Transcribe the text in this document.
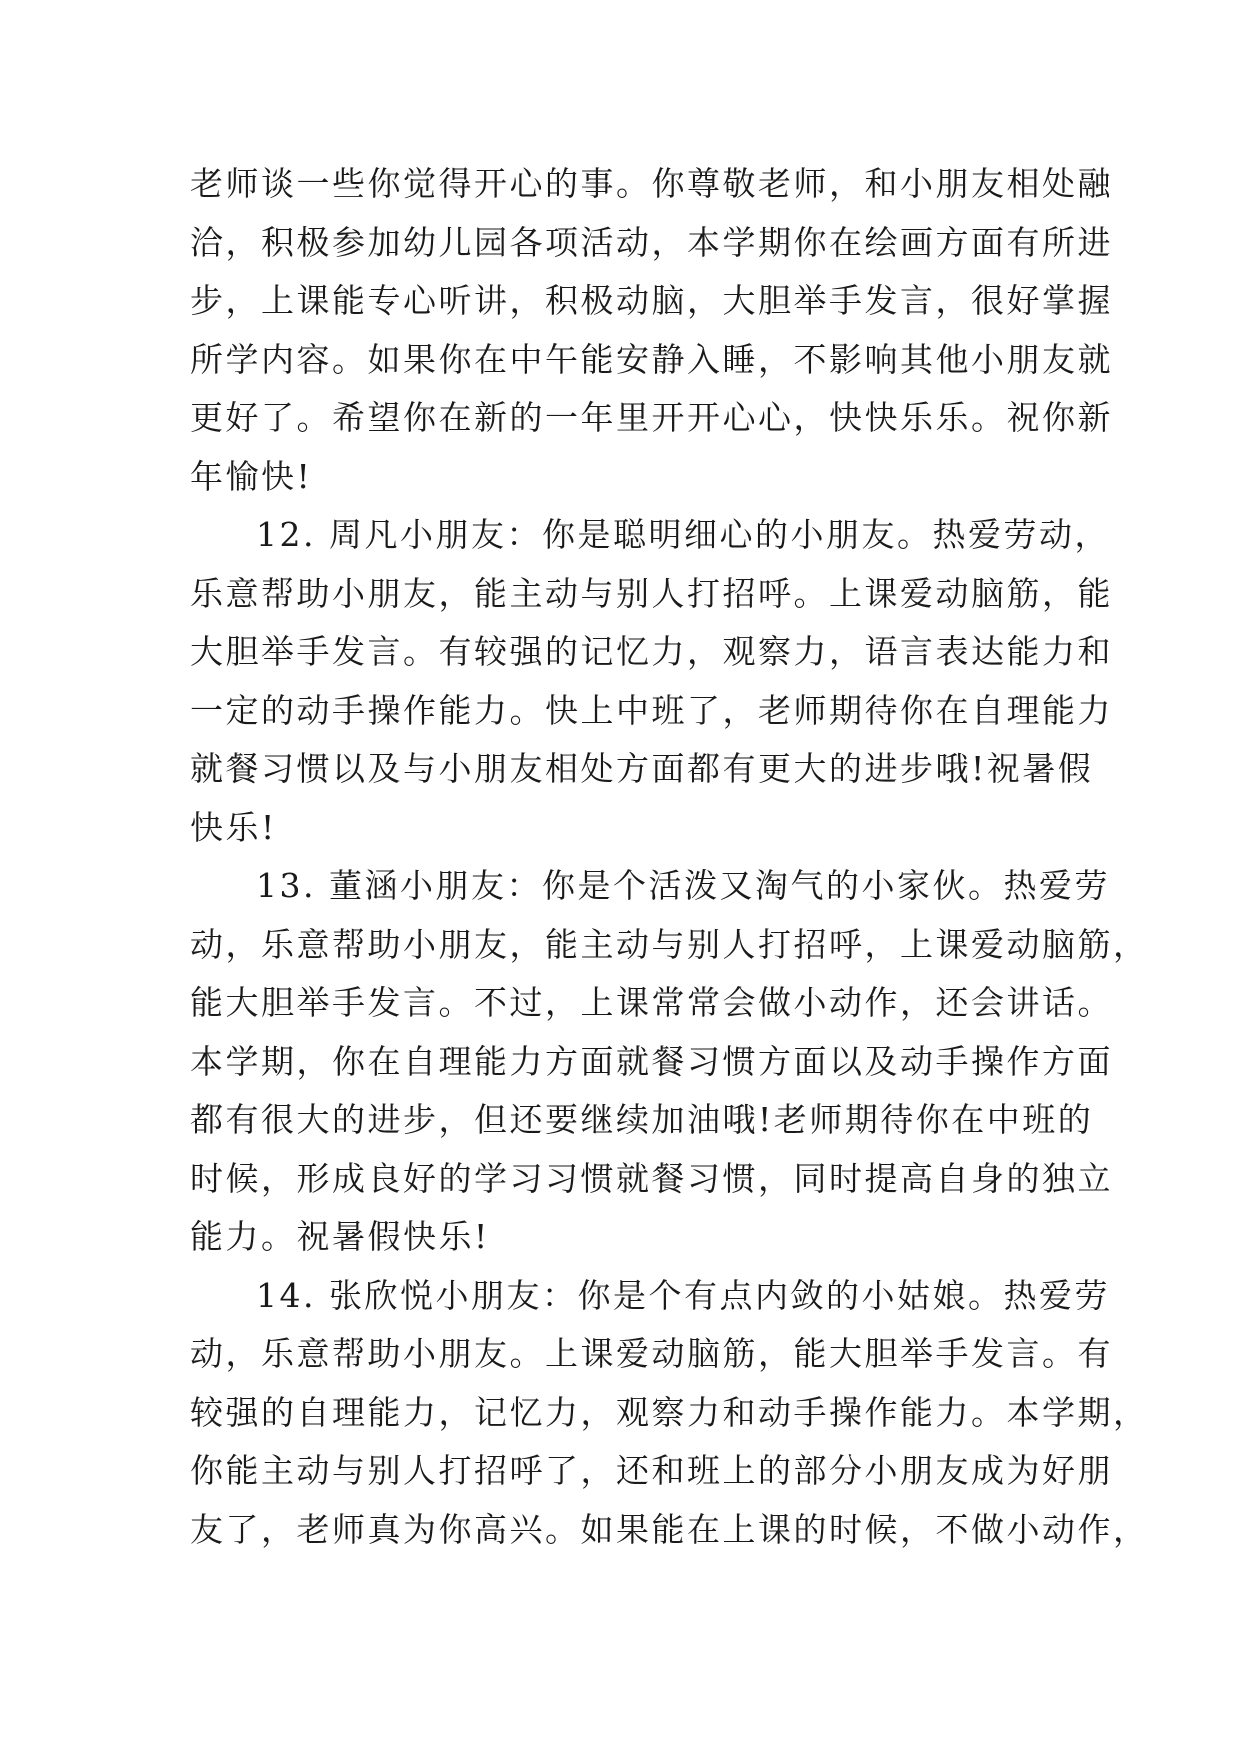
老师谈一些你觉得开心的事。你尊敬老师，和小朋友相处融
洽，积极参加幼儿园各项活动，本学期你在绘画方面有所进
步，上课能专心听讲，积极动脑，大胆举手发言，很好掌握
所学内容。如果你在中午能安静入睡，不影响其他小朋友就
更好了。希望你在新的一年里开开心心，快快乐乐。祝你新
年愉快!

12. 周凡小朋友：你是聪明细心的小朋友。热爱劳动，
乐意帮助小朋友，能主动与别人打招呼。上课爱动脑筋，能
大胆举手发言。有较强的记忆力，观察力，语言表达能力和
一定的动手操作能力。快上中班了，老师期待你在自理能力
就餐习惯以及与小朋友相处方面都有更大的进步哦!祝暑假
快乐!

13. 董涵小朋友：你是个活泼又淘气的小家伙。热爱劳
动，乐意帮助小朋友，能主动与别人打招呼，上课爱动脑筋，
能大胆举手发言。不过，上课常常会做小动作，还会讲话。
本学期，你在自理能力方面就餐习惯方面以及动手操作方面
都有很大的进步，但还要继续加油哦!老师期待你在中班的
时候，形成良好的学习习惯就餐习惯，同时提高自身的独立
能力。祝暑假快乐!

14. 张欣悦小朋友：你是个有点内敛的小姑娘。热爱劳
动，乐意帮助小朋友。上课爱动脑筋，能大胆举手发言。有
较强的自理能力，记忆力，观察力和动手操作能力。本学期，
你能主动与别人打招呼了，还和班上的部分小朋友成为好朋
友了，老师真为你高兴。如果能在上课的时候，不做小动作，
